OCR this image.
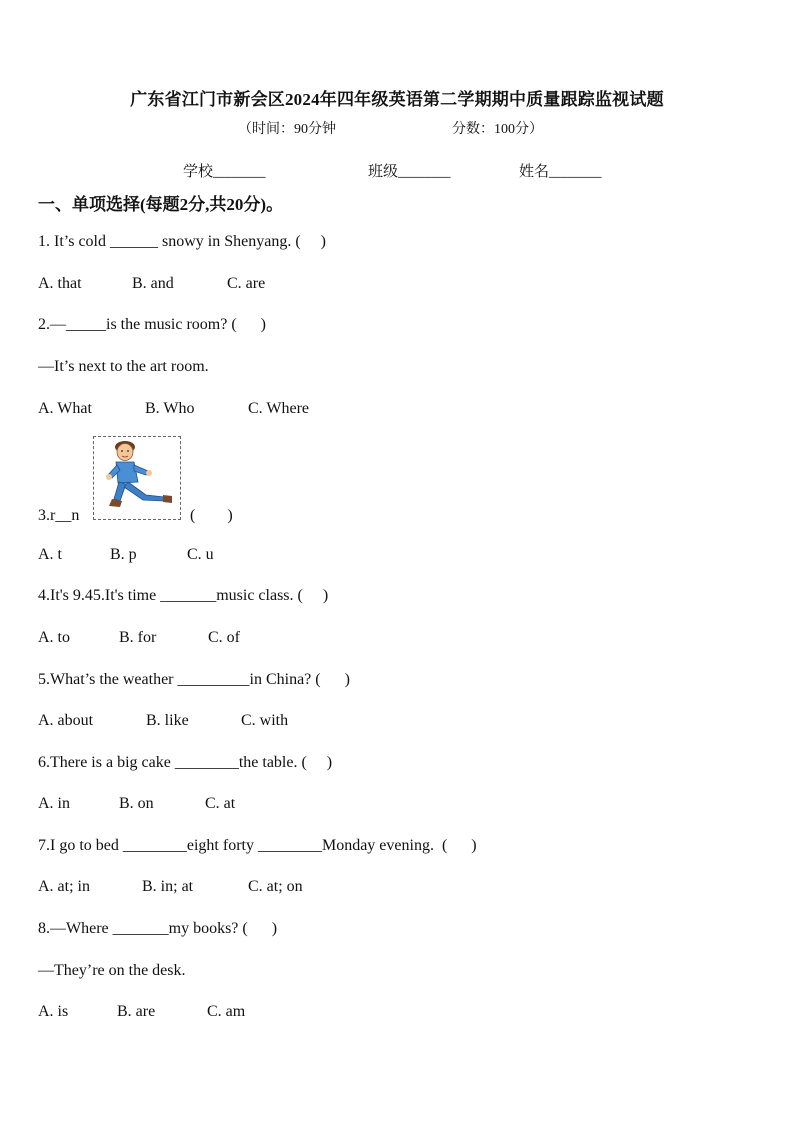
广东省江门市新会区2024年四年级英语第二学期期中质量跟踪监视试题
（时间：90分钟	分数：100分）
学校_______	班级_______	姓名_______
一、单项选择(每题2分,共20分)。
1. It’s cold ______ snowy in Shenyang. (     )
A. that	B. and	C. are
2.—_____is the music room? (      )
—It’s next to the art room.
A. What	B. Who	C. Where
3.r__n	(        )
A. t	B. p	C. u
4.It's 9.45.It's time _______music class. (     )
A. to	B. for	C. of
5.What’s the weather _________in China? (      )
A. about	B. like	C. with
6.There is a big cake ________the table. (     )
A. in	B. on	C. at
7.I go to bed ________eight forty ________Monday evening.  (      )
A. at; in	B. in; at	C. at; on
8.—Where _______my books? (      )
—They’re on the desk.
A. is	B. are	C. am
